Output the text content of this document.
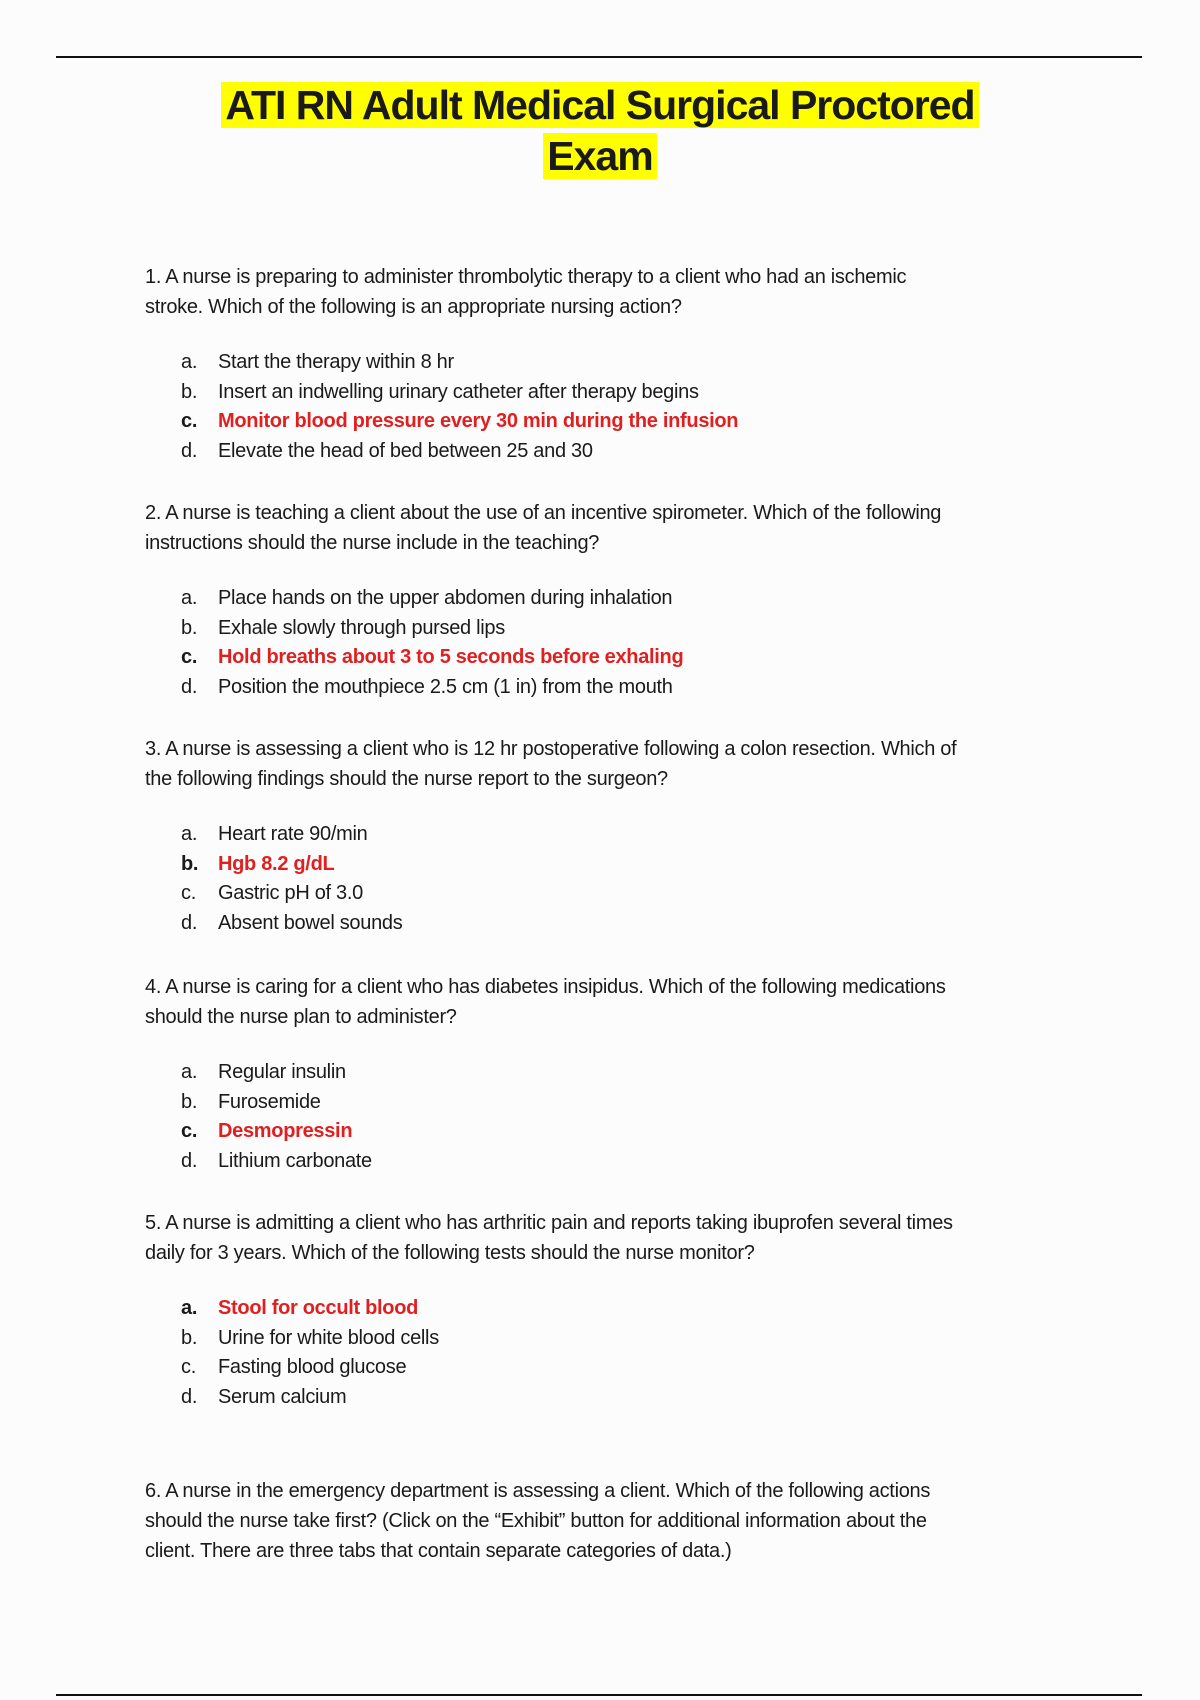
ATI RN Adult Medical Surgical Proctored
Exam
1. A nurse is preparing to administer thrombolytic therapy to a client who had an ischemic
stroke. Which of the following is an appropriate nursing action?
a. Start the therapy within 8 hr
b. Insert an indwelling urinary catheter after therapy begins
c. Monitor blood pressure every 30 min during the infusion
d. Elevate the head of bed between 25 and 30
2. A nurse is teaching a client about the use of an incentive spirometer. Which of the following
instructions should the nurse include in the teaching?
a. Place hands on the upper abdomen during inhalation
b. Exhale slowly through pursed lips
c. Hold breaths about 3 to 5 seconds before exhaling
d. Position the mouthpiece 2.5 cm (1 in) from the mouth
3. A nurse is assessing a client who is 12 hr postoperative following a colon resection. Which of
the following findings should the nurse report to the surgeon?
a. Heart rate 90/min
b. Hgb 8.2 g/dL
c. Gastric pH of 3.0
d. Absent bowel sounds
4. A nurse is caring for a client who has diabetes insipidus. Which of the following medications
should the nurse plan to administer?
a. Regular insulin
b. Furosemide
c. Desmopressin
d. Lithium carbonate
5. A nurse is admitting a client who has arthritic pain and reports taking ibuprofen several times
daily for 3 years. Which of the following tests should the nurse monitor?
a. Stool for occult blood
b. Urine for white blood cells
c. Fasting blood glucose
d. Serum calcium
6. A nurse in the emergency department is assessing a client. Which of the following actions
should the nurse take first? (Click on the “Exhibit” button for additional information about the
client. There are three tabs that contain separate categories of data.)
